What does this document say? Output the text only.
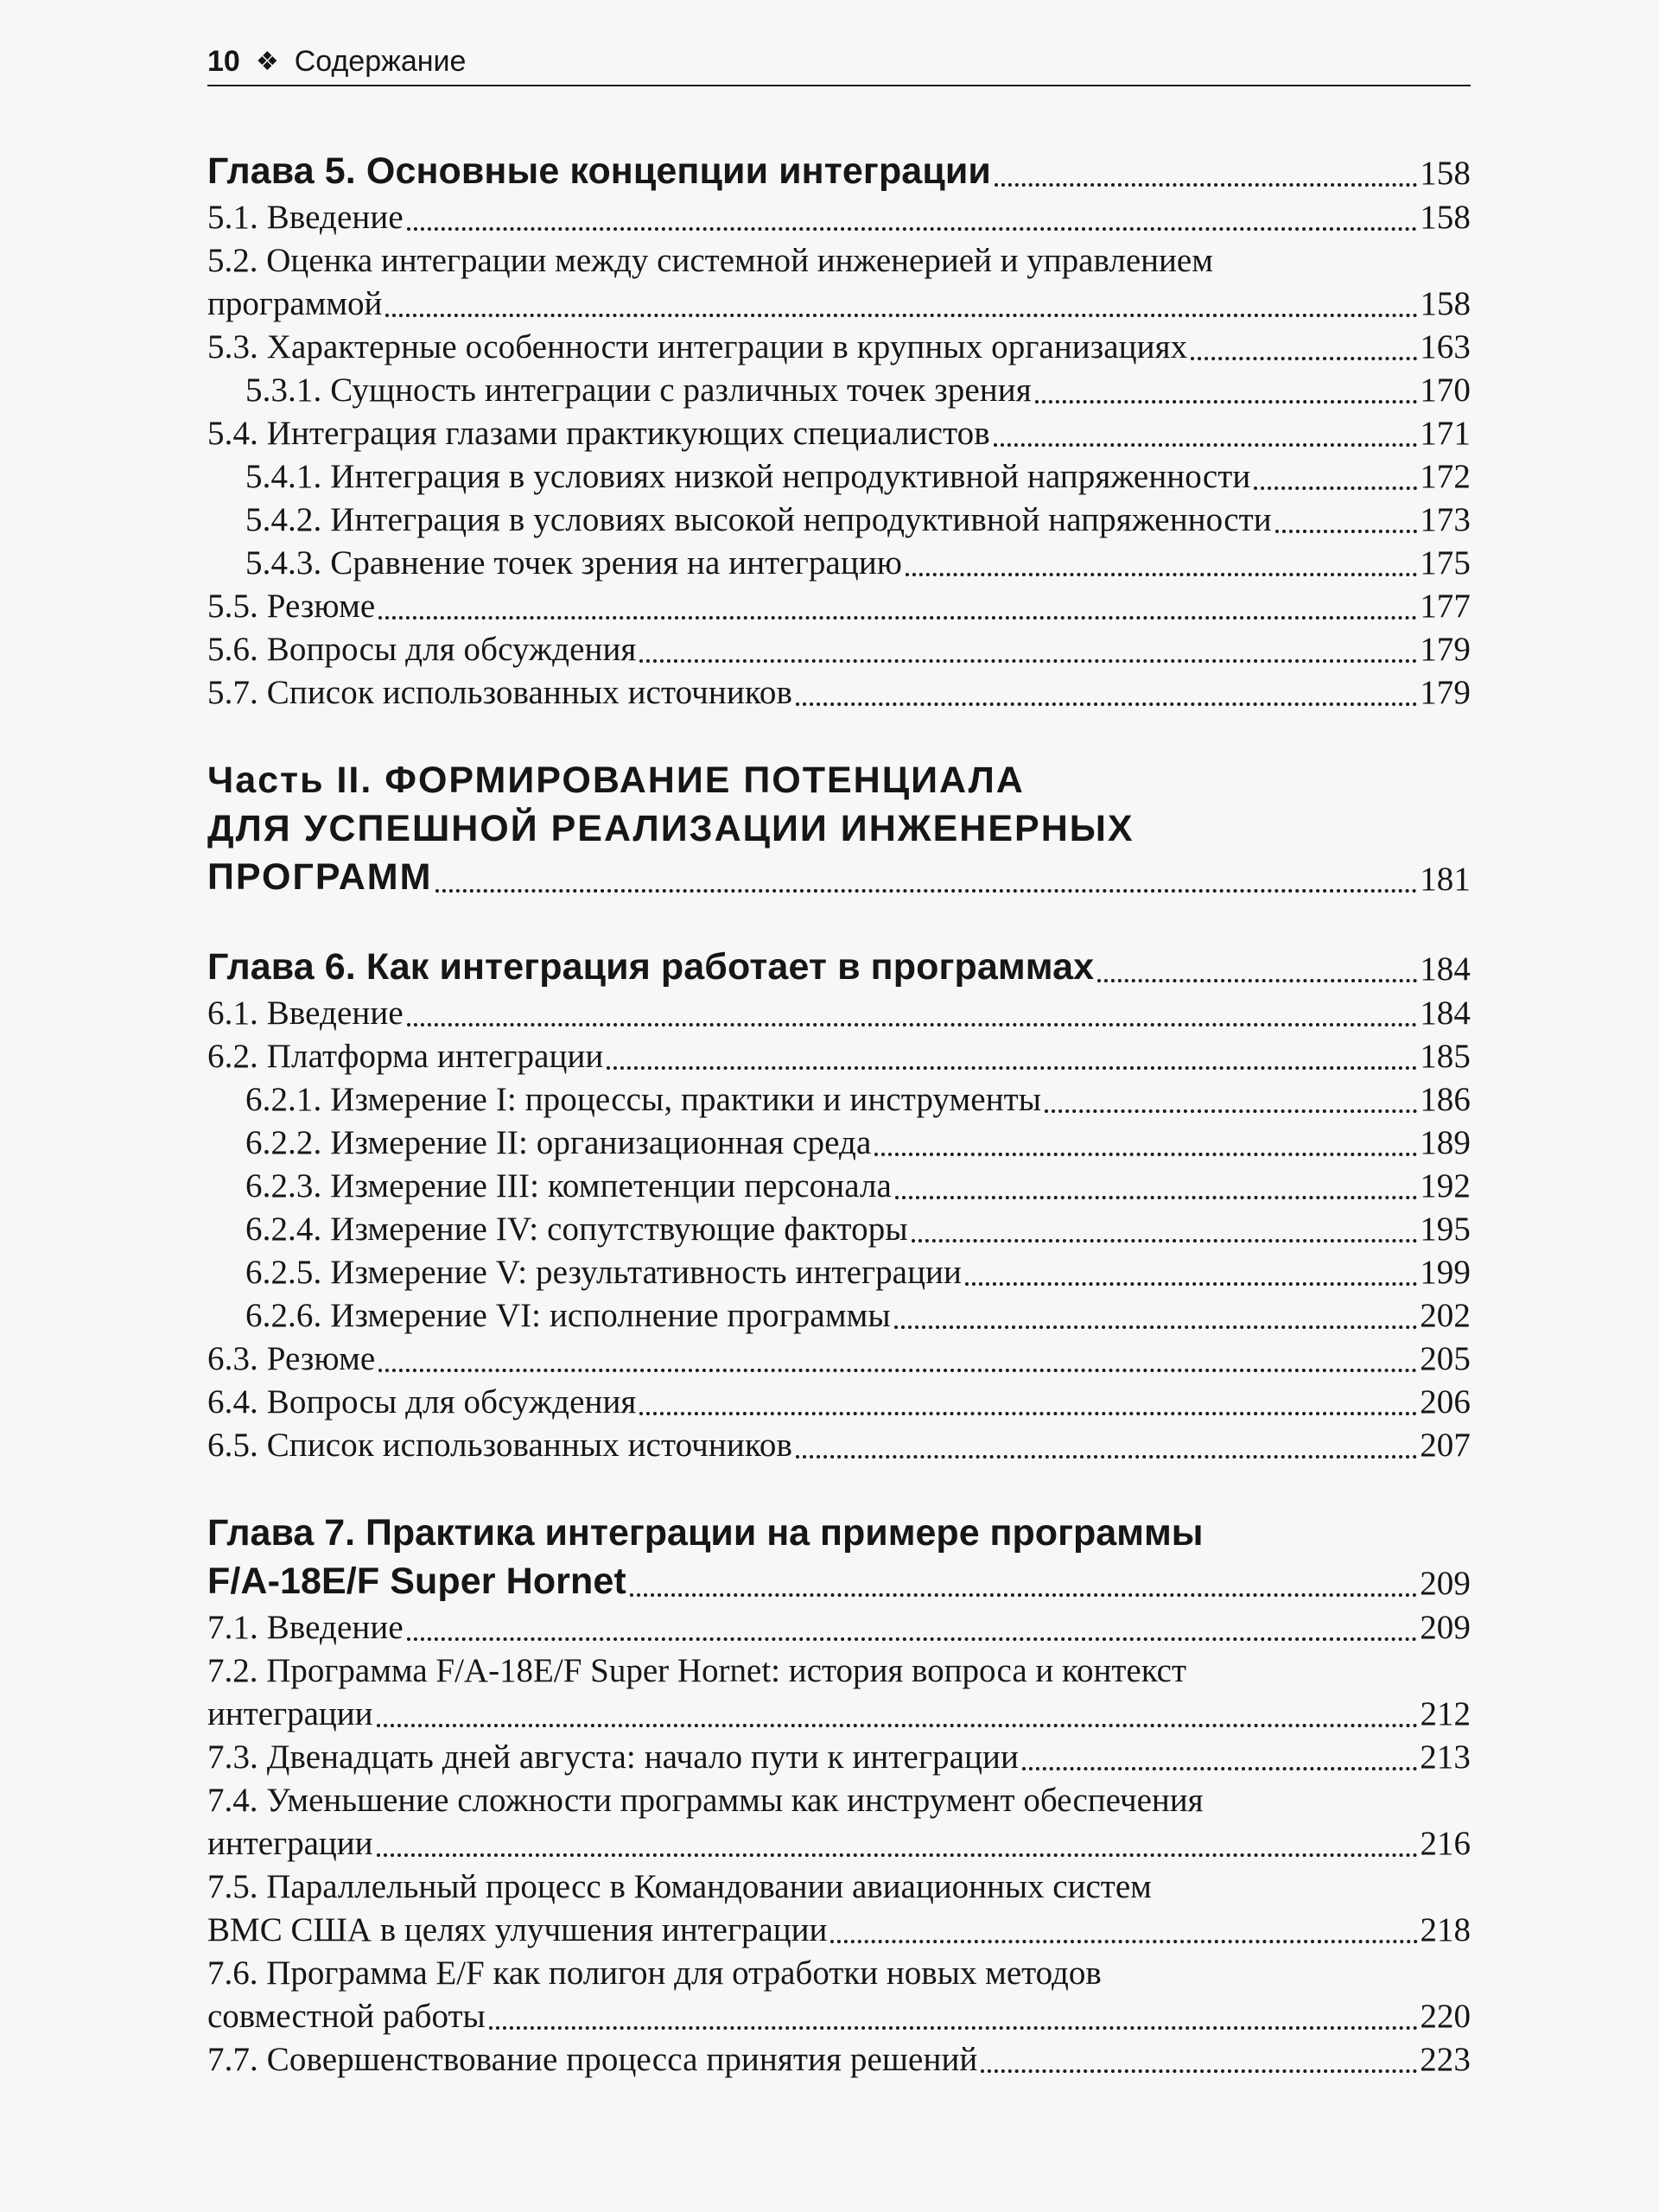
10 ❖ Содержание
Глава 5. Основные концепции интеграции	158
5.1. Введение	158
5.2. Оценка интеграции между системной инженерией и управлением
программой	158
5.3. Характерные особенности интеграции в крупных организациях	163
5.3.1. Сущность интеграции с различных точек зрения	170
5.4. Интеграция глазами практикующих специалистов	171
5.4.1. Интеграция в условиях низкой непродуктивной напряженности	172
5.4.2. Интеграция в условиях высокой непродуктивной напряженности	173
5.4.3. Сравнение точек зрения на интеграцию	175
5.5. Резюме	177
5.6. Вопросы для обсуждения	179
5.7. Список использованных источников	179
Часть II. ФОРМИРОВАНИЕ ПОТЕНЦИАЛА
ДЛЯ УСПЕШНОЙ РЕАЛИЗАЦИИ ИНЖЕНЕРНЫХ
ПРОГРАММ	181
Глава 6. Как интеграция работает в программах	184
6.1. Введение	184
6.2. Платформа интеграции	185
6.2.1. Измерение I: процессы, практики и инструменты	186
6.2.2. Измерение II: организационная среда	189
6.2.3. Измерение III: компетенции персонала	192
6.2.4. Измерение IV: сопутствующие факторы	195
6.2.5. Измерение V: результативность интеграции	199
6.2.6. Измерение VI: исполнение программы	202
6.3. Резюме	205
6.4. Вопросы для обсуждения	206
6.5. Список использованных источников	207
Глава 7. Практика интеграции на примере программы
F/A-18E/F Super Hornet	209
7.1. Введение	209
7.2. Программа F/A-18E/F Super Hornet: история вопроса и контекст
интеграции	212
7.3. Двенадцать дней августа: начало пути к интеграции	213
7.4. Уменьшение сложности программы как инструмент обеспечения
интеграции	216
7.5. Параллельный процесс в Командовании авиационных систем
ВМС США в целях улучшения интеграции	218
7.6. Программа E/F как полигон для отработки новых методов
совместной работы	220
7.7. Совершенствование процесса принятия решений	223
